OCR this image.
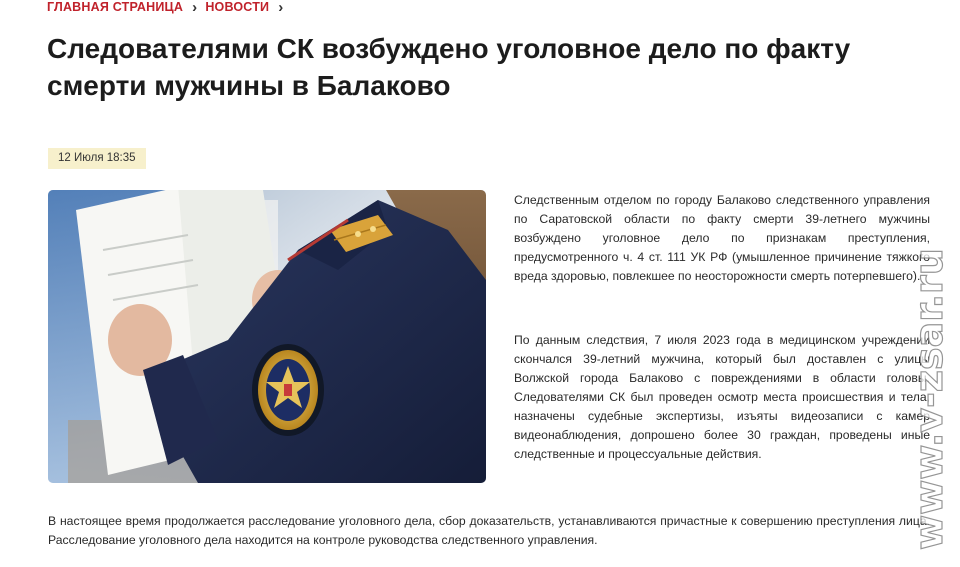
ГЛАВНАЯ СТРАНИЦА › НОВОСТИ ›
Следователями СК возбуждено уголовное дело по факту смерти мужчины в Балаково
12 Июля 18:35

Следственным отделом по городу Балаково следственного управления по Саратовской области по факту смерти 39-летнего мужчины возбуждено уголовное дело по признакам преступления, предусмотренного ч. 4 ст. 111 УК РФ (умышленное причинение тяжкого вреда здоровью, повлекшее по неосторожности смерть потерпевшего).

По данным следствия, 7 июля 2023 года в медицинском учреждении скончался 39-летний мужчина, который был доставлен с улицы Волжской города Балаково с повреждениями в области головы. Следователями СК был проведен осмотр места происшествия и тела, назначены судебные экспертизы, изъяты видеозаписи с камер видеонаблюдения, допрошено более 30 граждан, проведены иные следственные и процессуальные действия.

В настоящее время продолжается расследование уголовного дела, сбор доказательств, устанавливаются причастные к совершению преступления лица. Расследование уголовного дела находится на контроле руководства следственного управления.	www.v-zsar.ru
